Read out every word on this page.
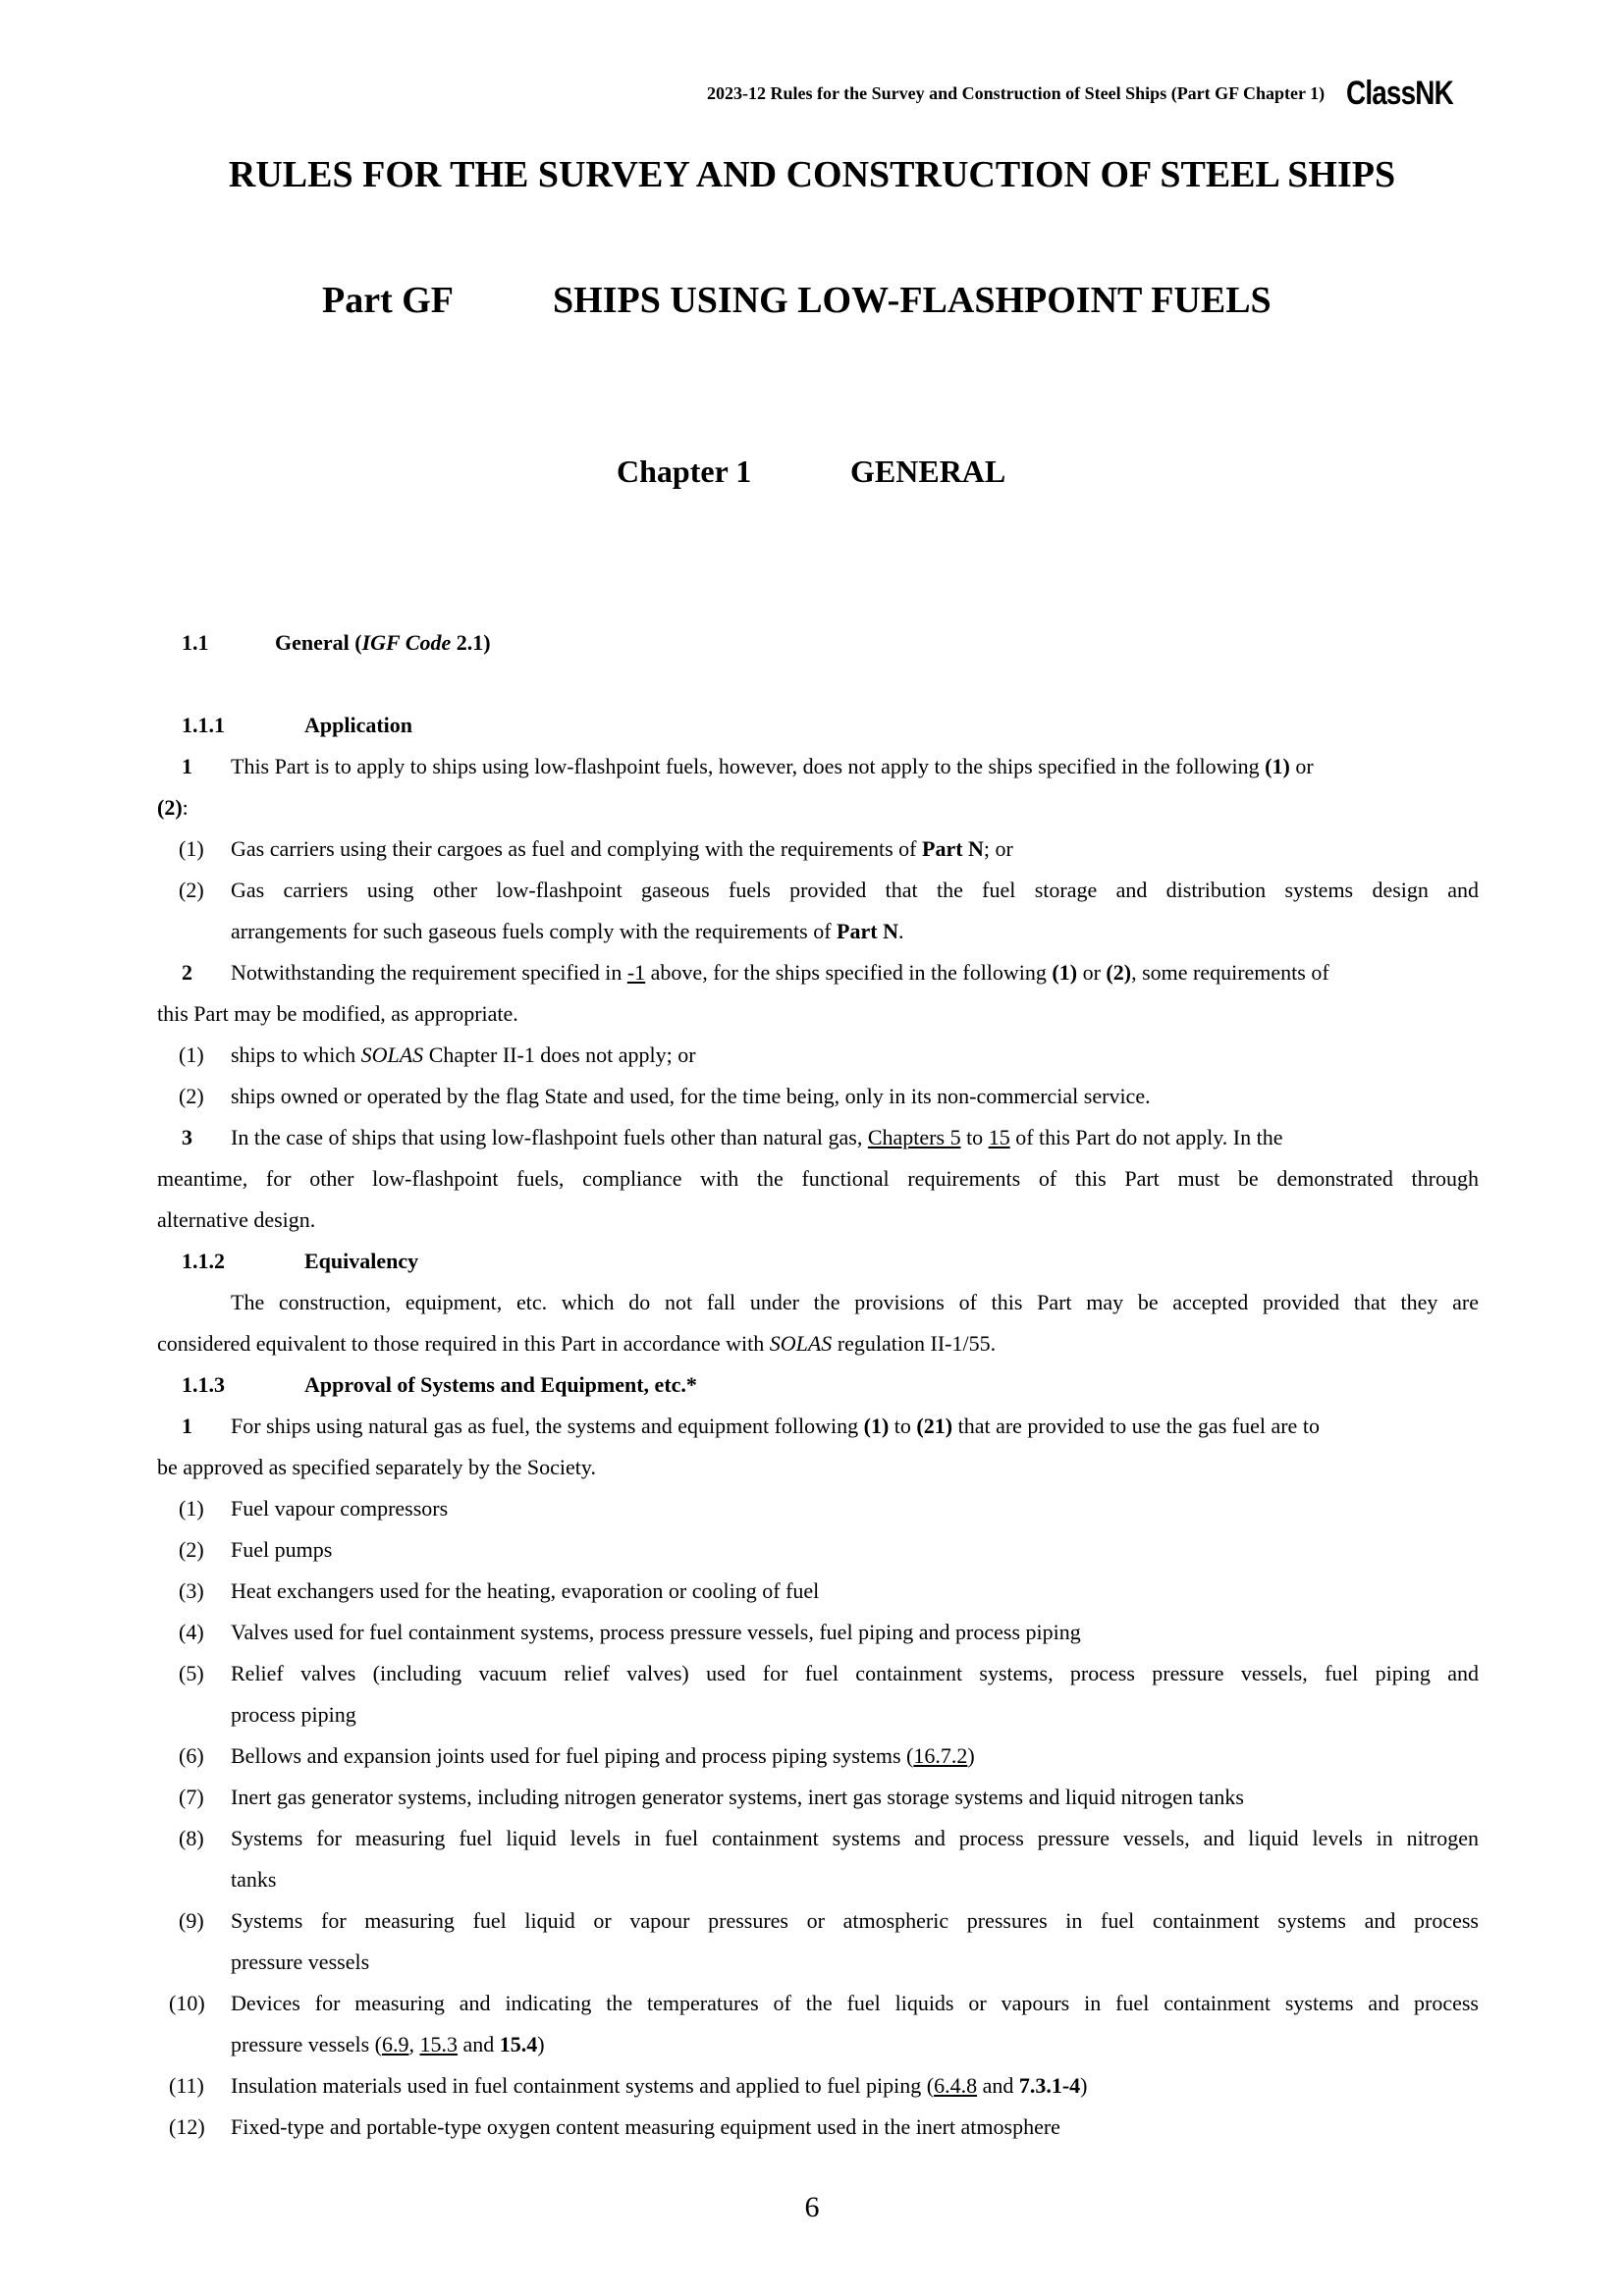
2023-12 Rules for the Survey and Construction of Steel Ships (Part GF Chapter 1) ClassNK
RULES FOR THE SURVEY AND CONSTRUCTION OF STEEL SHIPS
Part GF	SHIPS USING LOW-FLASHPOINT FUELS
Chapter 1	GENERAL
1.1	General (IGF Code 2.1)
1.1.1	Application
1 This Part is to apply to ships using low-flashpoint fuels, however, does not apply to the ships specified in the following (1) or
(2):
(1) Gas carriers using their cargoes as fuel and complying with the requirements of Part N; or
(2) Gas carriers using other low-flashpoint gaseous fuels provided that the fuel storage and distribution systems design and
arrangements for such gaseous fuels comply with the requirements of Part N.
2 Notwithstanding the requirement specified in -1 above, for the ships specified in the following (1) or (2), some requirements of
this Part may be modified, as appropriate.
(1) ships to which SOLAS Chapter II-1 does not apply; or
(2) ships owned or operated by the flag State and used, for the time being, only in its non-commercial service.
3 In the case of ships that using low-flashpoint fuels other than natural gas, Chapters 5 to 15 of this Part do not apply. In the
meantime, for other low-flashpoint fuels, compliance with the functional requirements of this Part must be demonstrated through
alternative design.
1.1.2	Equivalency
The construction, equipment, etc. which do not fall under the provisions of this Part may be accepted provided that they are
considered equivalent to those required in this Part in accordance with SOLAS regulation II-1/55.
1.1.3	Approval of Systems and Equipment, etc.*
1 For ships using natural gas as fuel, the systems and equipment following (1) to (21) that are provided to use the gas fuel are to
be approved as specified separately by the Society.
(1) Fuel vapour compressors
(2) Fuel pumps
(3) Heat exchangers used for the heating, evaporation or cooling of fuel
(4) Valves used for fuel containment systems, process pressure vessels, fuel piping and process piping
(5) Relief valves (including vacuum relief valves) used for fuel containment systems, process pressure vessels, fuel piping and
process piping
(6) Bellows and expansion joints used for fuel piping and process piping systems (16.7.2)
(7) Inert gas generator systems, including nitrogen generator systems, inert gas storage systems and liquid nitrogen tanks
(8) Systems for measuring fuel liquid levels in fuel containment systems and process pressure vessels, and liquid levels in nitrogen
tanks
(9) Systems for measuring fuel liquid or vapour pressures or atmospheric pressures in fuel containment systems and process
pressure vessels
(10) Devices for measuring and indicating the temperatures of the fuel liquids or vapours in fuel containment systems and process
pressure vessels (6.9, 15.3 and 15.4)
(11) Insulation materials used in fuel containment systems and applied to fuel piping (6.4.8 and 7.3.1-4)
(12) Fixed-type and portable-type oxygen content measuring equipment used in the inert atmosphere
6
